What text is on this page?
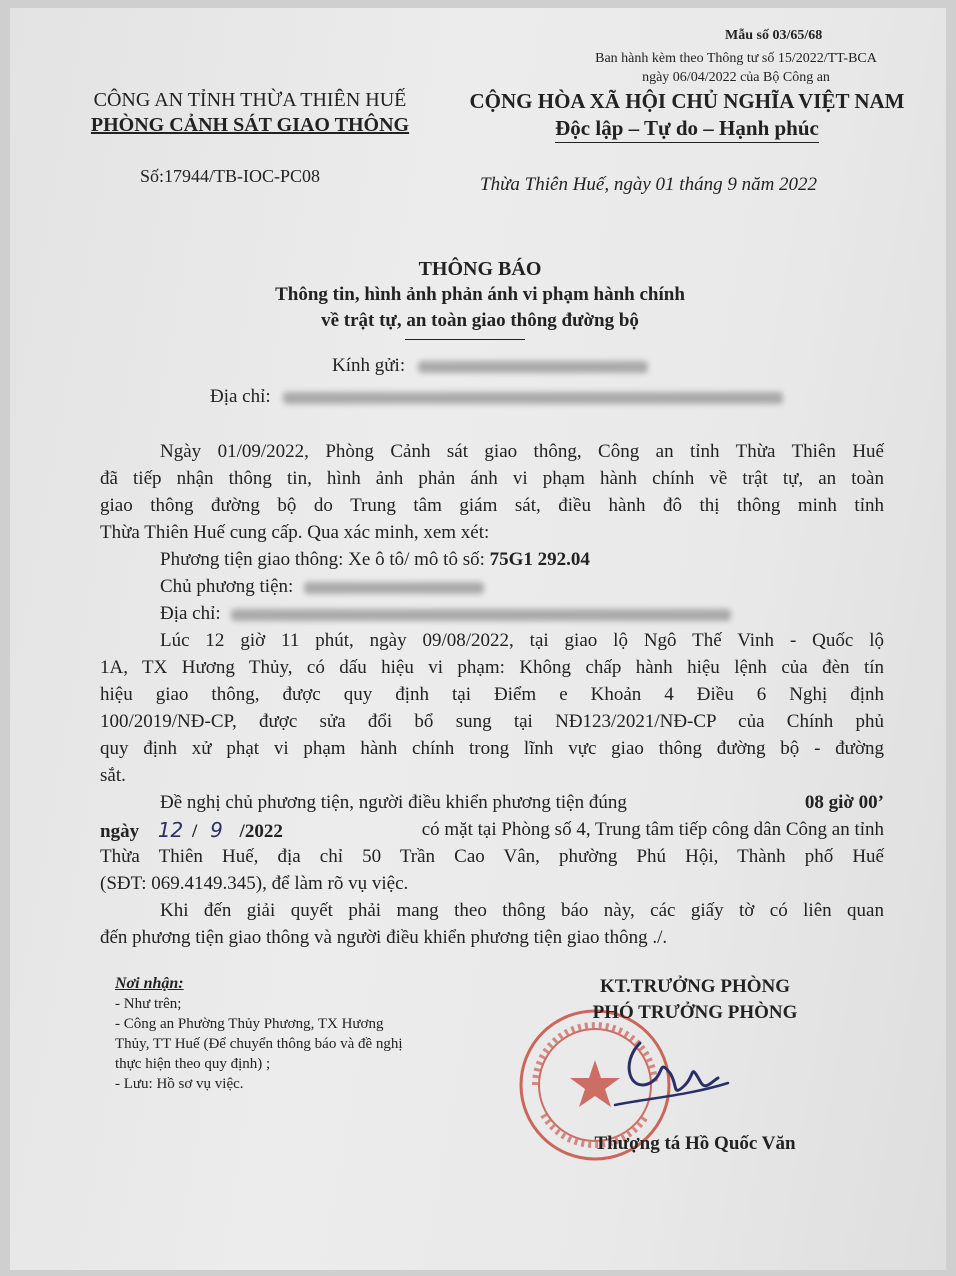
Mẫu số 03/65/68
Ban hành kèm theo Thông tư số 15/2022/TT-BCA
ngày 06/04/2022 của Bộ Công an
CÔNG AN TỈNH THỪA THIÊN HUẾ
PHÒNG CẢNH SÁT GIAO THÔNG
CỘNG HÒA XÃ HỘI CHỦ NGHĨA VIỆT NAM
Độc lập – Tự do – Hạnh phúc
Số:17944/TB-IOC-PC08	Thừa Thiên Huế, ngày 01 tháng 9 năm 2022
THÔNG BÁO
Thông tin, hình ảnh phản ánh vi phạm hành chính
về trật tự, an toàn giao thông đường bộ
Kính gửi:
Địa chỉ:
Ngày 01/09/2022, Phòng Cảnh sát giao thông, Công an tỉnh Thừa Thiên Huế
đã tiếp nhận thông tin, hình ảnh phản ánh vi phạm hành chính về trật tự, an toàn
giao thông đường bộ do Trung tâm giám sát, điều hành đô thị thông minh tỉnh
Thừa Thiên Huế cung cấp. Qua xác minh, xem xét:
Phương tiện giao thông: Xe ô tô/ mô tô số: 75G1 292.04
Chủ phương tiện:
Địa chỉ:
Lúc 12 giờ 11 phút, ngày 09/08/2022, tại giao lộ Ngô Thế Vinh - Quốc lộ
1A, TX Hương Thủy, có dấu hiệu vi phạm: Không chấp hành hiệu lệnh của đèn tín
hiệu giao thông, được quy định tại Điểm e Khoản 4 Điều 6 Nghị định
100/2019/NĐ-CP, được sửa đổi bổ sung tại NĐ123/2021/NĐ-CP của Chính phủ
quy định xử phạt vi phạm hành chính trong lĩnh vực giao thông đường bộ - đường
sắt.
Đề nghị chủ phương tiện, người điều khiển phương tiện đúng	08 giờ 00’
ngày 12 / 9 /2022	có mặt tại Phòng số 4, Trung tâm tiếp công dân Công an tỉnh
Thừa Thiên Huế, địa chỉ 50 Trần Cao Vân, phường Phú Hội, Thành phố Huế
(SĐT: 069.4149.345), để làm rõ vụ việc.
Khi đến giải quyết phải mang theo thông báo này, các giấy tờ có liên quan
đến phương tiện giao thông và người điều khiển phương tiện giao thông ./.
Nơi nhận:
- Như trên;
- Công an Phường Thủy Phương, TX Hương
Thủy, TT Huế (Để chuyển thông báo và đề nghị
thực hiện theo quy định) ;
- Lưu: Hồ sơ vụ việc.
KT.TRƯỞNG PHÒNG
PHÓ TRƯỞNG PHÒNG
Thượng tá Hồ Quốc Văn
